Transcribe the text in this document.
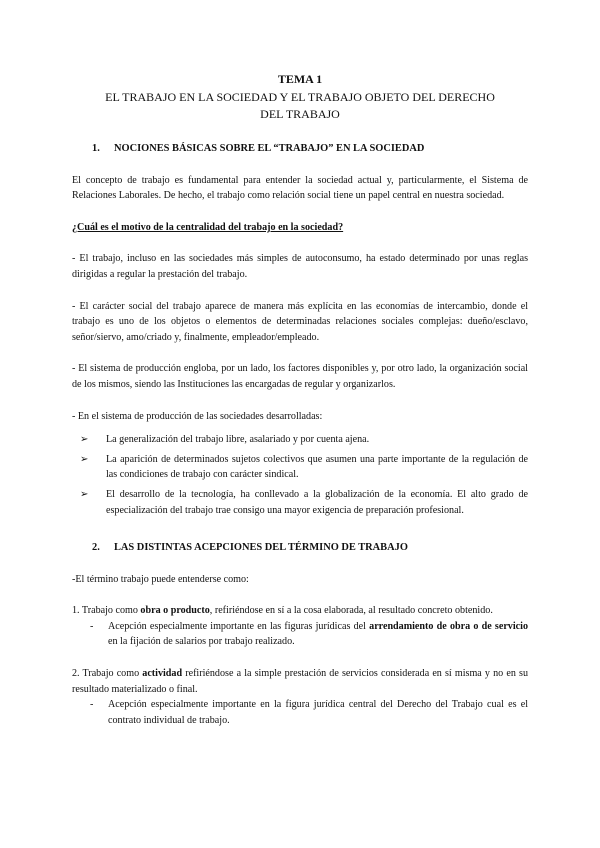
TEMA 1

EL TRABAJO EN LA SOCIEDAD Y EL TRABAJO OBJETO DEL DERECHO DEL TRABAJO

1. NOCIONES BÁSICAS SOBRE EL “TRABAJO” EN LA SOCIEDAD

El concepto de trabajo es fundamental para entender la sociedad actual y, particularmente, el Sistema de Relaciones Laborales. De hecho, el trabajo como relación social tiene un papel central en nuestra sociedad.

¿Cuál es el motivo de la centralidad del trabajo en la sociedad?

- El trabajo, incluso en las sociedades más simples de autoconsumo, ha estado determinado por unas reglas dirigidas a regular la prestación del trabajo.

- El carácter social del trabajo aparece de manera más explícita en las economías de intercambio, donde el trabajo es uno de los objetos o elementos de determinadas relaciones sociales complejas: dueño/esclavo, señor/siervo, amo/criado y, finalmente, empleador/empleado.

- El sistema de producción engloba, por un lado, los factores disponibles y, por otro lado, la organización social de los mismos, siendo las Instituciones las encargadas de regular y organizarlos.

- En el sistema de producción de las sociedades desarrolladas:

➢ La generalización del trabajo libre, asalariado y por cuenta ajena.
➢ La aparición de determinados sujetos colectivos que asumen una parte importante de la regulación de las condiciones de trabajo con carácter sindical.
➢ El desarrollo de la tecnología, ha conllevado a la globalización de la economía. El alto grado de especialización del trabajo trae consigo una mayor exigencia de preparación profesional.
2. LAS DISTINTAS ACEPCIONES DEL TÉRMINO DE TRABAJO

-El término trabajo puede entenderse como:

1. Trabajo como obra o producto, refiriéndose en sí a la cosa elaborada, al resultado concreto obtenido.

- Acepción especialmente importante en las figuras jurídicas del arrendamiento de obra o de servicio en la fijación de salarios por trabajo realizado.

2. Trabajo como actividad refiriéndose a la simple prestación de servicios considerada en sí misma y no en su resultado materializado o final.

- Acepción especialmente importante en la figura jurídica central del Derecho del Trabajo cual es el contrato individual de trabajo.
